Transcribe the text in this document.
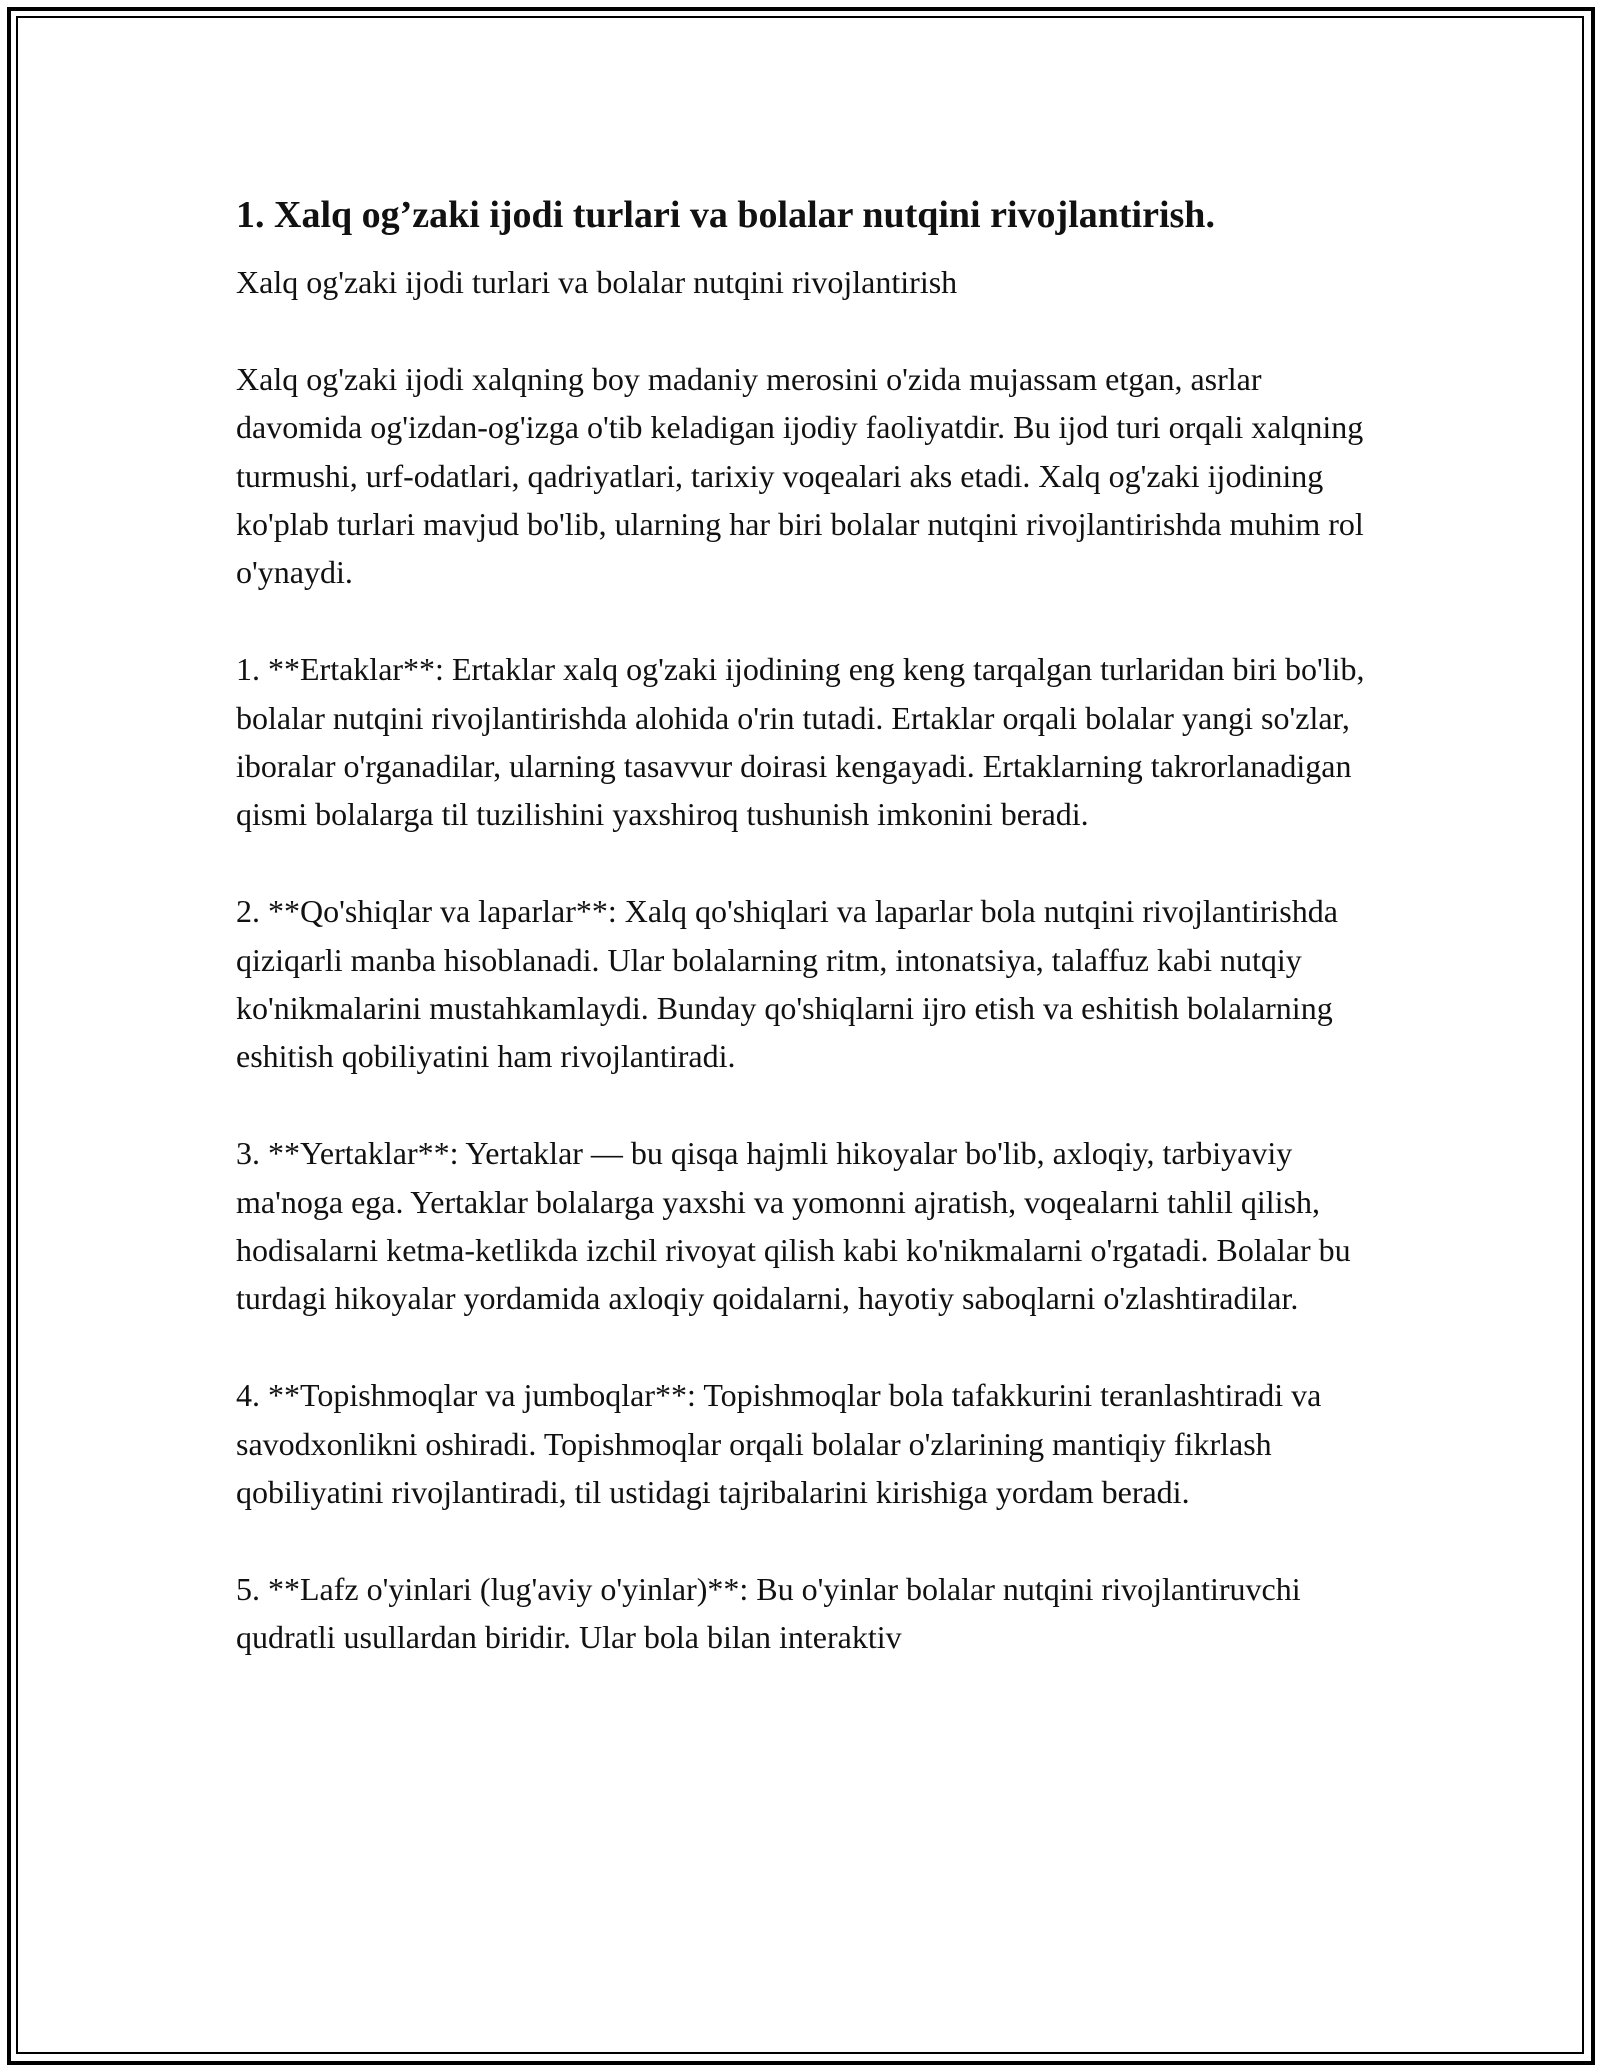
1. Xalq og’zaki ijodi turlari va bolalar nutqini rivojlantirish.
Xalq og'zaki ijodi turlari va bolalar nutqini rivojlantirish
Xalq og'zaki ijodi xalqning boy madaniy merosini o'zida mujassam etgan, asrlar davomida og'izdan-og'izga o'tib keladigan ijodiy faoliyatdir. Bu ijod turi orqali xalqning turmushi, urf-odatlari, qadriyatlari, tarixiy voqealari aks etadi. Xalq og'zaki ijodining ko'plab turlari mavjud bo'lib, ularning har biri bolalar nutqini rivojlantirishda muhim rol o'ynaydi.
1. **Ertaklar**: Ertaklar xalq og'zaki ijodining eng keng tarqalgan turlaridan biri bo'lib, bolalar nutqini rivojlantirishda alohida o'rin tutadi. Ertaklar orqali bolalar yangi so'zlar, iboralar o'rganadilar, ularning tasavvur doirasi kengayadi. Ertaklarning takrorlanadigan qismi bolalarga til tuzilishini yaxshiroq tushunish imkonini beradi.
2. **Qo'shiqlar va laparlar**: Xalq qo'shiqlari va laparlar bola nutqini rivojlantirishda qiziqarli manba hisoblanadi. Ular bolalarning ritm, intonatsiya, talaffuz kabi nutqiy ko'nikmalarini mustahkamlaydi. Bunday qo'shiqlarni ijro etish va eshitish bolalarning eshitish qobiliyatini ham rivojlantiradi.
3. **Yertaklar**: Yertaklar — bu qisqa hajmli hikoyalar bo'lib, axloqiy, tarbiyaviy ma'noga ega. Yertaklar bolalarga yaxshi va yomonni ajratish, voqealarni tahlil qilish, hodisalarni ketma-ketlikda izchil rivoyat qilish kabi ko'nikmalarni o'rgatadi. Bolalar bu turdagi hikoyalar yordamida axloqiy qoidalarni, hayotiy saboqlarni o'zlashtiradilar.
4. **Topishmoqlar va jumboqlar**: Topishmoqlar bola tafakkurini teranlashtiradi va savodxonlikni oshiradi. Topishmoqlar orqali bolalar o'zlarining mantiqiy fikrlash qobiliyatini rivojlantiradi, til ustidagi tajribalarini kirishiga yordam beradi.
5. **Lafz o'yinlari (lug'aviy o'yinlar)**: Bu o'yinlar bolalar nutqini rivojlantiruvchi qudratli usullardan biridir. Ular bola bilan interaktiv
